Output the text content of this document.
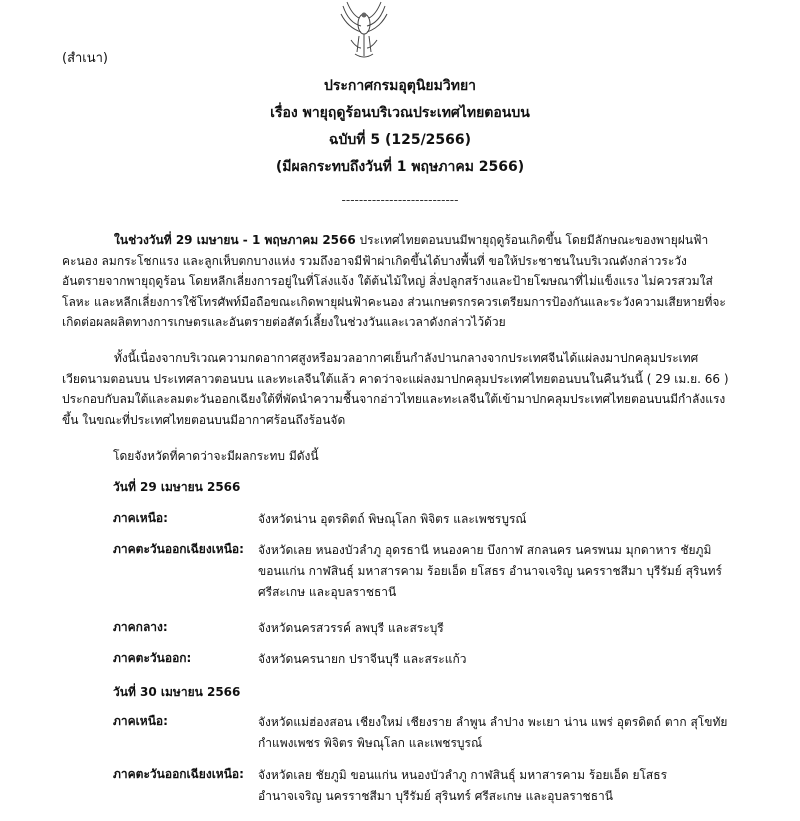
(สำเนา)
ประกาศกรมอุตุนิยมวิทยา
เรื่อง พายุฤดูร้อนบริเวณประเทศไทยตอนบน
ฉบับที่ 5 (125/2566)
(มีผลกระทบถึงวันที่ 1 พฤษภาคม 2566)
---------------------------
ในช่วงวันที่ 29 เมษายน - 1 พฤษภาคม 2566 ประเทศไทยตอนบนมีพายุฤดูร้อนเกิดขึ้น โดยมีลักษณะของพายุฝนฟ้าคะนอง ลมกระโชกแรง และลูกเห็บตกบางแห่ง รวมถึงอาจมีฟ้าผ่าเกิดขึ้นได้บางพื้นที่ ขอให้ประชาชนในบริเวณดังกล่าวระวังอันตรายจากพายุฤดูร้อน โดยหลีกเลี่ยงการอยู่ในที่โล่งแจ้ง ใต้ต้นไม้ใหญ่ สิ่งปลูกสร้างและป้ายโฆษณาที่ไม่แข็งแรง ไม่ควรสวมใส่โลหะ และหลีกเลี่ยงการใช้โทรศัพท์มือถือขณะเกิดพายุฝนฟ้าคะนอง ส่วนเกษตรกรควรเตรียมการป้องกันและระวังความเสียหายที่จะเกิดต่อผลผลิตทางการเกษตรและอันตรายต่อสัตว์เลี้ยงในช่วงวันและเวลาดังกล่าวไว้ด้วย
ทั้งนี้เนื่องจากบริเวณความกดอากาศสูงหรือมวลอากาศเย็นกำลังปานกลางจากประเทศจีนได้แผ่ลงมาปกคลุมประเทศเวียดนามตอนบน ประเทศลาวตอนบน และทะเลจีนใต้แล้ว คาดว่าจะแผ่ลงมาปกคลุมประเทศไทยตอนบนในคืนวันนี้ ( 29 เม.ย. 66 ) ประกอบกับลมใต้และลมตะวันออกเฉียงใต้ที่พัดนำความชื้นจากอ่าวไทยและทะเลจีนใต้เข้ามาปกคลุมประเทศไทยตอนบนมีกำลังแรงขึ้น ในขณะที่ประเทศไทยตอนบนมีอากาศร้อนถึงร้อนจัด
โดยจังหวัดที่คาดว่าจะมีผลกระทบ มีดังนี้
วันที่ 29 เมษายน 2566
ภาคเหนือ:	จังหวัดน่าน อุตรดิตถ์ พิษณุโลก พิจิตร และเพชรบูรณ์
ภาคตะวันออกเฉียงเหนือ: จังหวัดเลย หนองบัวลำภู อุดรธานี หนองคาย บึงกาฬ สกลนคร นครพนม มุกดาหาร ชัยภูมิ ขอนแก่น กาฬสินธุ์ มหาสารคาม ร้อยเอ็ด ยโสธร อำนาจเจริญ นครราชสีมา บุรีรัมย์ สุรินทร์ ศรีสะเกษ และอุบลราชธานี
ภาคกลาง:	จังหวัดนครสวรรค์ ลพบุรี และสระบุรี
ภาคตะวันออก:	จังหวัดนครนายก ปราจีนบุรี และสระแก้ว
วันที่ 30 เมษายน 2566
ภาคเหนือ:	จังหวัดแม่ฮ่องสอน เชียงใหม่ เชียงราย ลำพูน ลำปาง พะเยา น่าน แพร่ อุตรดิตถ์ ตาก สุโขทัย กำแพงเพชร พิจิตร พิษณุโลก และเพชรบูรณ์
ภาคตะวันออกเฉียงเหนือ: จังหวัดเลย ชัยภูมิ ขอนแก่น หนองบัวลำภู กาฬสินธุ์ มหาสารคาม ร้อยเอ็ด ยโสธร อำนาจเจริญ นครราชสีมา บุรีรัมย์ สุรินทร์ ศรีสะเกษ และอุบลราชธานี
